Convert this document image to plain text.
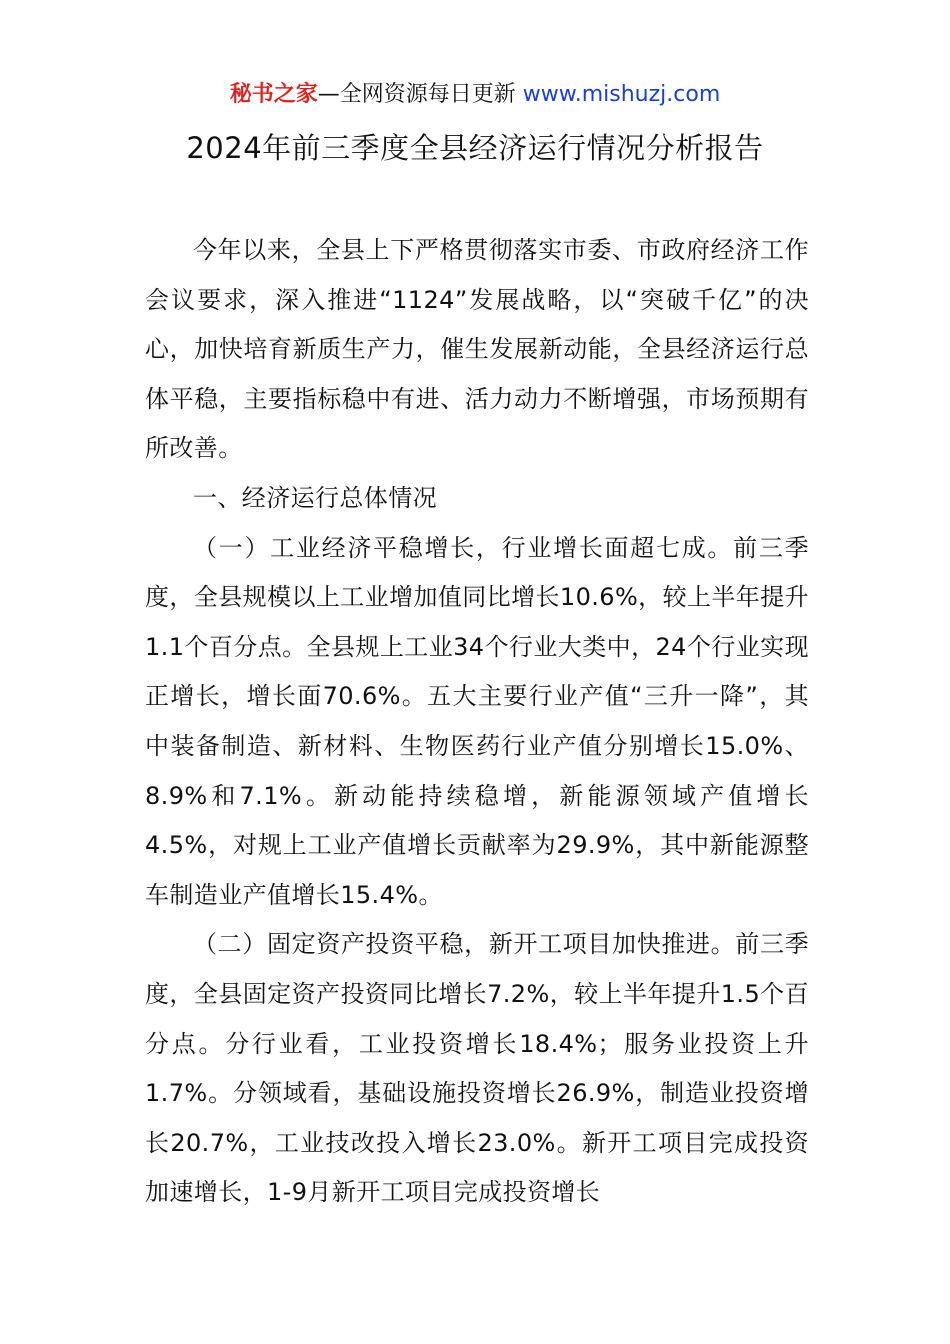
秘书之家—全网资源每日更新 www.mishuzj.com
2024年前三季度全县经济运行情况分析报告

今年以来，全县上下严格贯彻落实市委、市政府经济工作会议要求，深入推进“1124”发展战略，以“突破千亿”的决心，加快培育新质生产力，催生发展新动能，全县经济运行总体平稳，主要指标稳中有进、活力动力不断增强，市场预期有所改善。

一、经济运行总体情况

（一）工业经济平稳增长，行业增长面超七成。前三季度，全县规模以上工业增加值同比增长10.6%，较上半年提升1.1个百分点。全县规上工业34个行业大类中，24个行业实现正增长，增长面70.6%。五大主要行业产值“三升一降”，其中装备制造、新材料、生物医药行业产值分别增长15.0%、8.9%和7.1%。新动能持续稳增，新能源领域产值增长4.5%，对规上工业产值增长贡献率为29.9%，其中新能源整车制造业产值增长15.4%。

（二）固定资产投资平稳，新开工项目加快推进。前三季度，全县固定资产投资同比增长7.2%，较上半年提升1.5个百分点。分行业看，工业投资增长18.4%；服务业投资上升1.7%。分领域看，基础设施投资增长26.9%，制造业投资增长20.7%，工业技改投入增长23.0%。新开工项目完成投资加速增长，1-9月新开工项目完成投资增长
